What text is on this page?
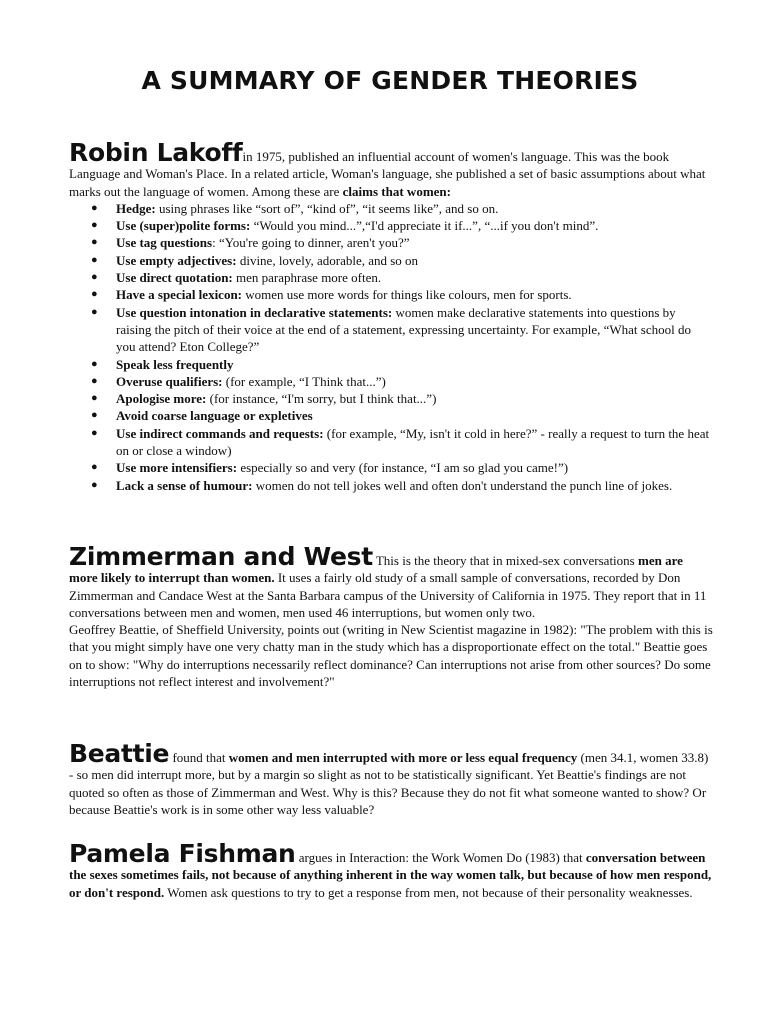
A SUMMARY OF GENDER THEORIES

Robin Lakoffin 1975, published an influential account of women's language. This was the book Language and Woman's Place. In a related article, Woman's language, she published a set of basic assumptions about what marks out the language of women. Among these are claims that women:

● Hedge: using phrases like “sort of”, “kind of”, “it seems like”, and so on.
● Use (super)polite forms: “Would you mind...”,“I'd appreciate it if...”, “...if you don't mind”.
● Use tag questions: “You're going to dinner, aren't you?”
● Use empty adjectives: divine, lovely, adorable, and so on
● Use direct quotation: men paraphrase more often.
● Have a special lexicon: women use more words for things like colours, men for sports.
● Use question intonation in declarative statements: women make declarative statements into questions by raising the pitch of their voice at the end of a statement, expressing uncertainty. For example, “What school do you attend? Eton College?”
● Speak less frequently
● Overuse qualifiers: (for example, “I Think that...”)
● Apologise more: (for instance, “I'm sorry, but I think that...”)
● Avoid coarse language or expletives
● Use indirect commands and requests: (for example, “My, isn't it cold in here?” - really a request to turn the heat on or close a window)
● Use more intensifiers: especially so and very (for instance, “I am so glad you came!”)
● Lack a sense of humour: women do not tell jokes well and often don't understand the punch line of jokes.

Zimmerman and West This is the theory that in mixed-sex conversations men are more likely to interrupt than women. It uses a fairly old study of a small sample of conversations, recorded by Don Zimmerman and Candace West at the Santa Barbara campus of the University of California in 1975. They report that in 11 conversations between men and women, men used 46 interruptions, but women only two.

Geoffrey Beattie, of Sheffield University, points out (writing in New Scientist magazine in 1982): "The problem with this is that you might simply have one very chatty man in the study which has a disproportionate effect on the total." Beattie goes on to show: "Why do interruptions necessarily reflect dominance? Can interruptions not arise from other sources? Do some interruptions not reflect interest and involvement?"

Beattie found that women and men interrupted with more or less equal frequency (men 34.1, women 33.8) - so men did interrupt more, but by a margin so slight as not to be statistically significant. Yet Beattie's findings are not quoted so often as those of Zimmerman and West. Why is this? Because they do not fit what someone wanted to show? Or because Beattie's work is in some other way less valuable?

Pamela Fishman argues in Interaction: the Work Women Do (1983) that conversation between the sexes sometimes fails, not because of anything inherent in the way women talk, but because of how men respond, or don't respond. Women ask questions to try to get a response from men, not because of their personality weaknesses.
